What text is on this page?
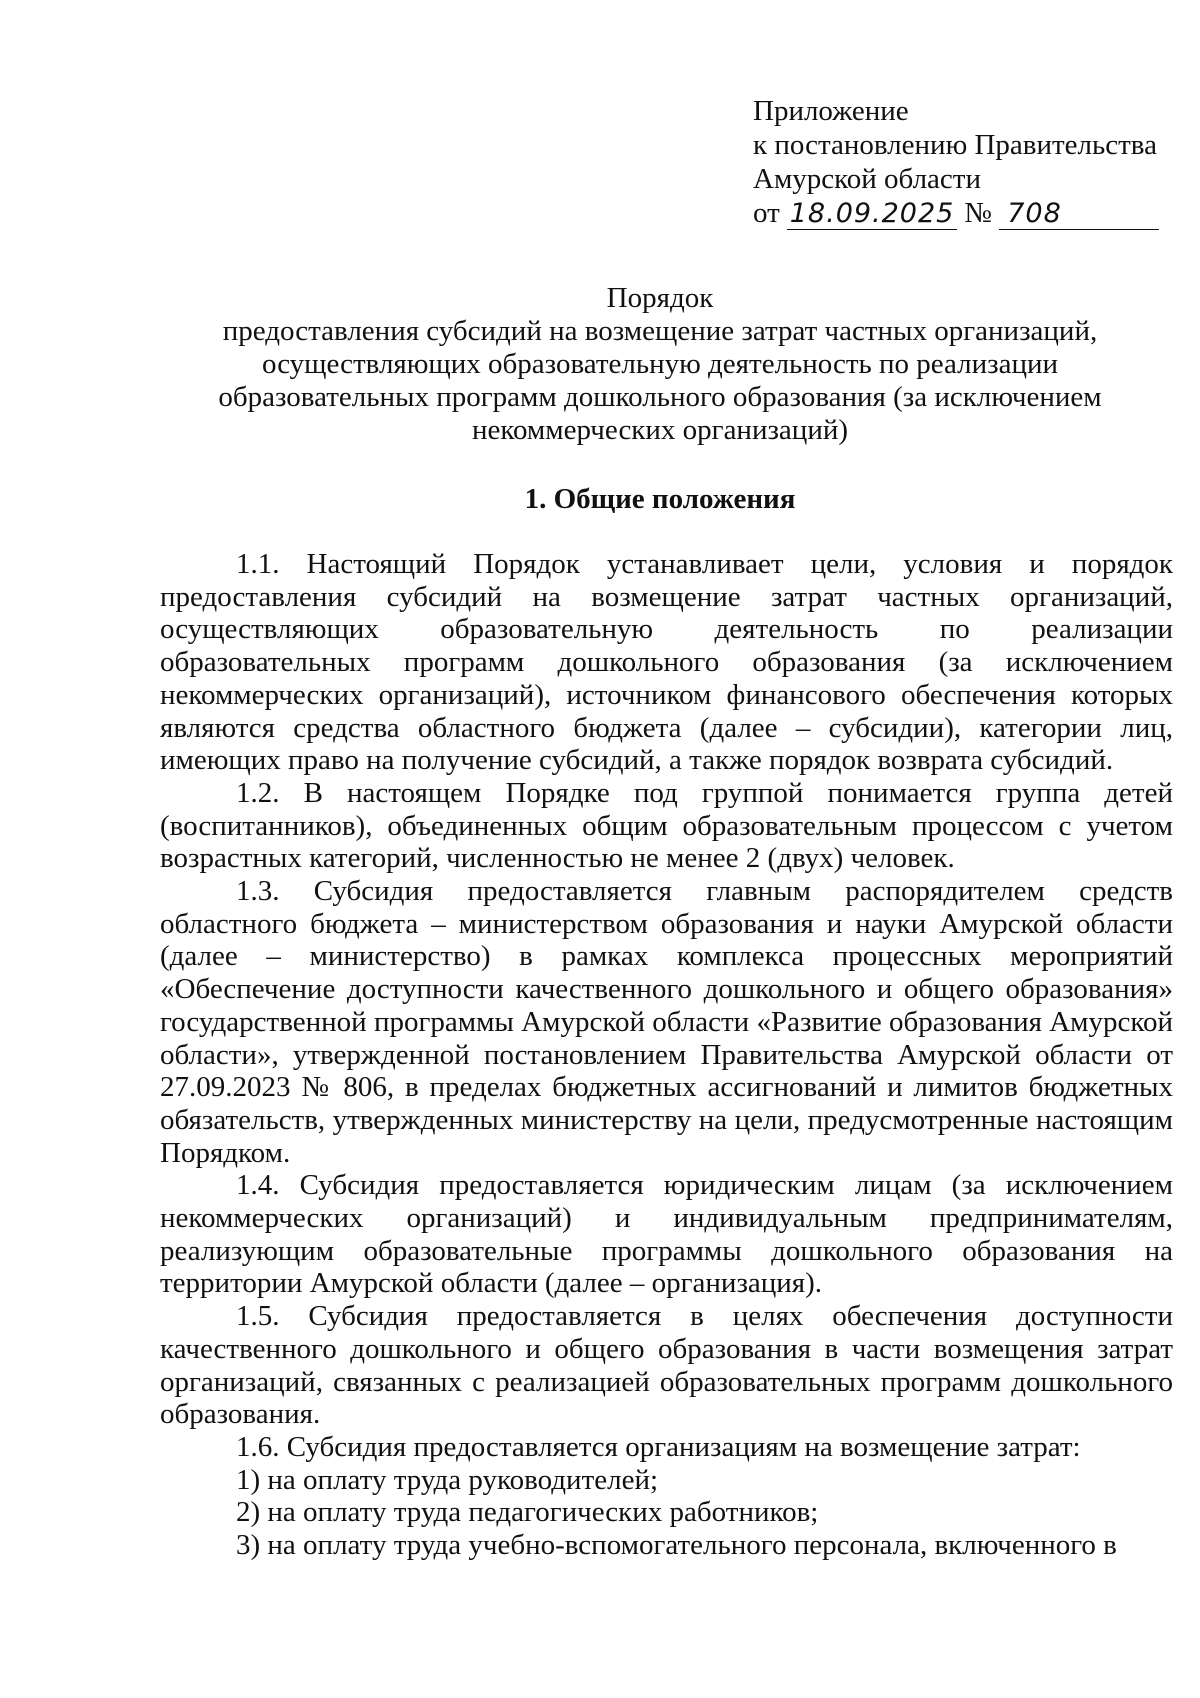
Приложение
к постановлению Правительства
Амурской области
от 18.09.2025 № 708
Порядок
предоставления субсидий на возмещение затрат частных организаций,
осуществляющих образовательную деятельность по реализации
образовательных программ дошкольного образования (за исключением
некоммерческих организаций)
1. Общие положения

1.1. Настоящий Порядок устанавливает цели, условия и порядок предоставления субсидий на возмещение затрат частных организаций, осуществляющих образовательную деятельность по реализации образовательных программ дошкольного образования (за исключением некоммерческих организаций), источником финансового обеспечения которых являются средства областного бюджета (далее – субсидии), категории лиц, имеющих право на получение субсидий, а также порядок возврата субсидий.

1.2. В настоящем Порядке под группой понимается группа детей (воспитанников), объединенных общим образовательным процессом с учетом возрастных категорий, численностью не менее 2 (двух) человек.

1.3. Субсидия предоставляется главным распорядителем средств областного бюджета – министерством образования и науки Амурской области (далее – министерство) в рамках комплекса процессных мероприятий «Обеспечение доступности качественного дошкольного и общего образования» государственной программы Амурской области «Развитие образования Амурской области», утвержденной постановлением Правительства Амурской области от 27.09.2023 № 806, в пределах бюджетных ассигнований и лимитов бюджетных обязательств, утвержденных министерству на цели, предусмотренные настоящим Порядком.

1.4. Субсидия предоставляется юридическим лицам (за исключением некоммерческих организаций) и индивидуальным предпринимателям, реализующим образовательные программы дошкольного образования на территории Амурской области (далее – организация).

1.5. Субсидия предоставляется в целях обеспечения доступности качественного дошкольного и общего образования в части возмещения затрат организаций, связанных с реализацией образовательных программ дошкольного образования.

1.6. Субсидия предоставляется организациям на возмещение затрат:

1) на оплату труда руководителей;

2) на оплату труда педагогических работников;

3) на оплату труда учебно-вспомогательного персонала, включенного в
